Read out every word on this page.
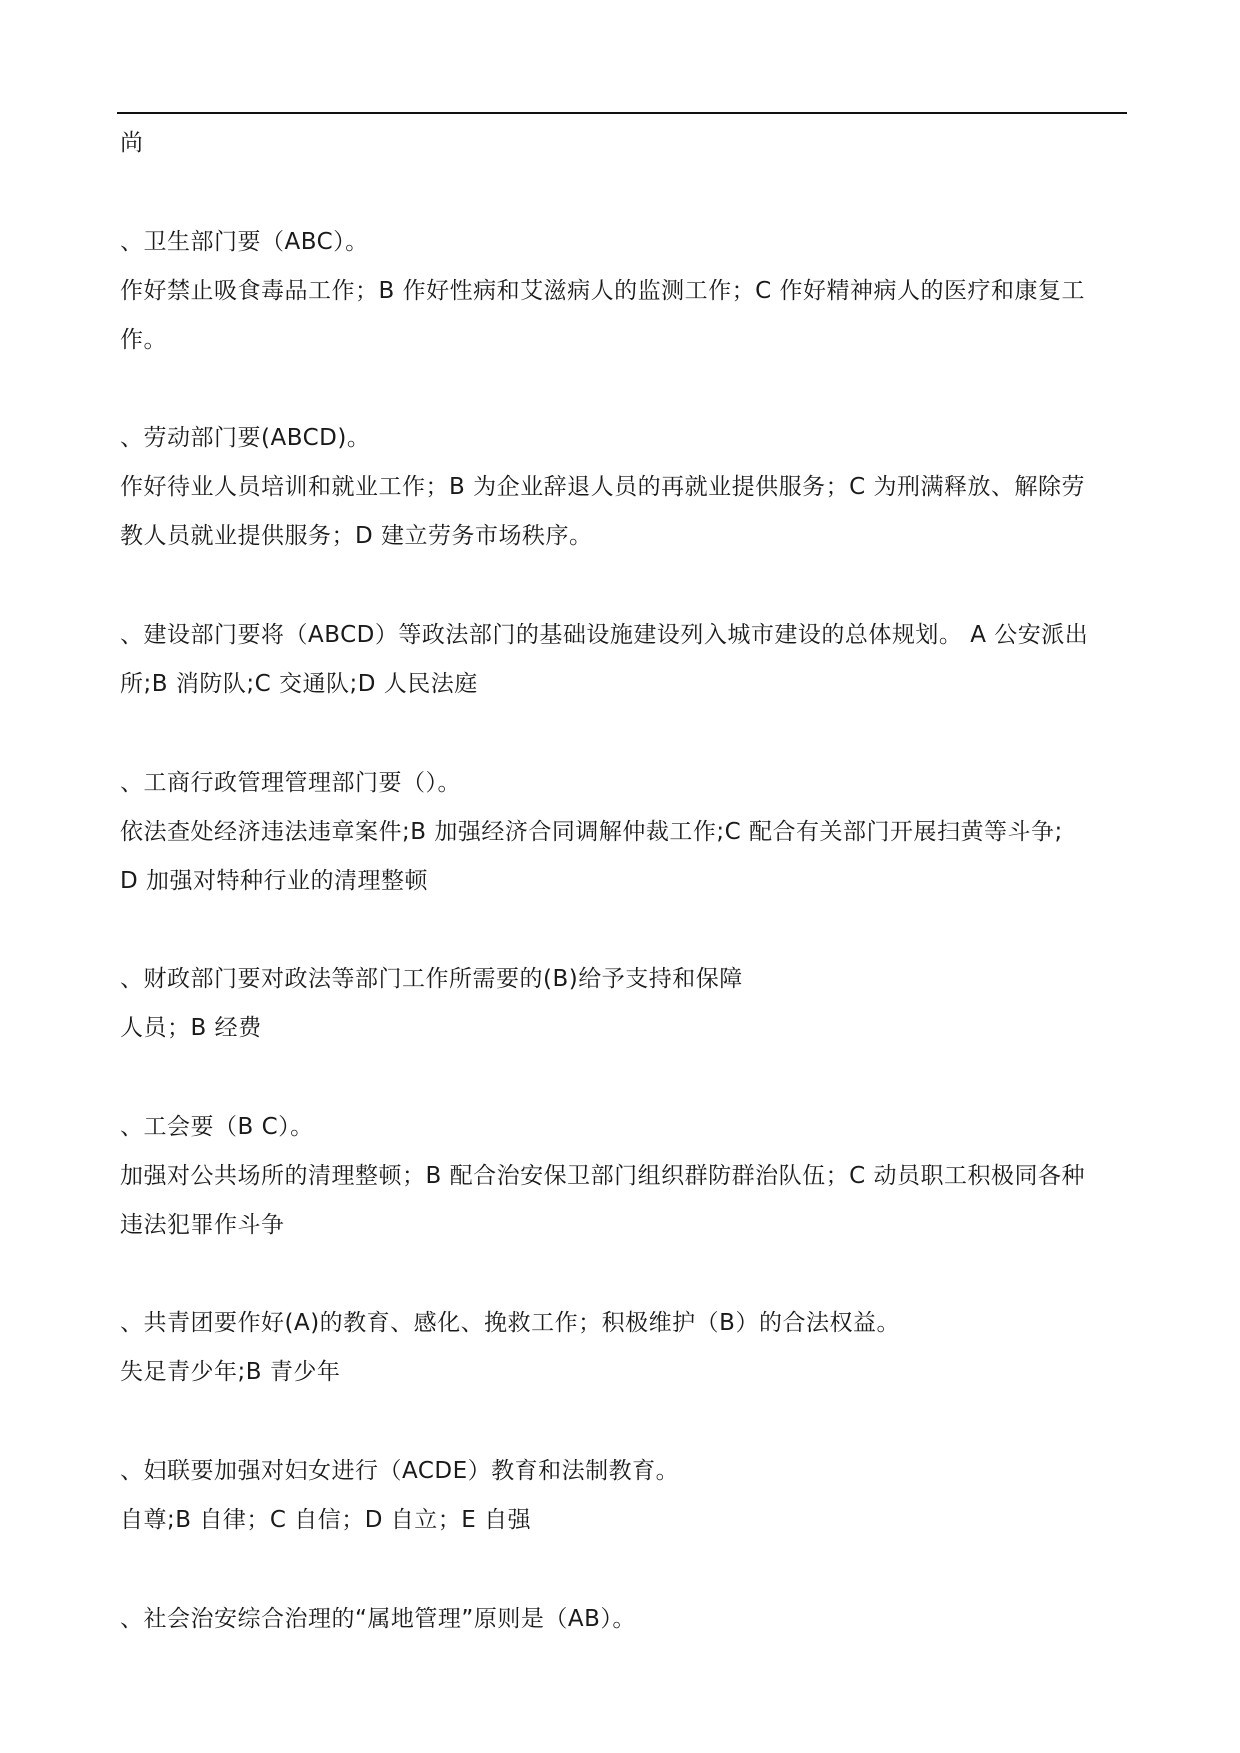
尚
、卫生部门要（ABC）。
作好禁止吸食毒品工作；B 作好性病和艾滋病人的监测工作；C 作好精神病人的医疗和康复工
作。
、劳动部门要(ABCD)。
作好待业人员培训和就业工作；B 为企业辞退人员的再就业提供服务；C 为刑满释放、解除劳
教人员就业提供服务；D 建立劳务市场秩序。
、建设部门要将（ABCD）等政法部门的基础设施建设列入城市建设的总体规划。 A 公安派出
所;B 消防队;C 交通队;D 人民法庭
、工商行政管理管理部门要（）。
依法查处经济违法违章案件;B 加强经济合同调解仲裁工作;C 配合有关部门开展扫黄等斗争;
D 加强对特种行业的清理整顿
、财政部门要对政法等部门工作所需要的(B)给予支持和保障
人员；B 经费
、工会要（B C）。
加强对公共场所的清理整顿；B 配合治安保卫部门组织群防群治队伍；C 动员职工积极同各种
违法犯罪作斗争
、共青团要作好(A)的教育、感化、挽救工作；积极维护（B）的合法权益。
失足青少年;B 青少年
、妇联要加强对妇女进行（ACDE）教育和法制教育。
自尊;B 自律；C 自信；D 自立；E 自强
、社会治安综合治理的“属地管理”原则是（AB）。
